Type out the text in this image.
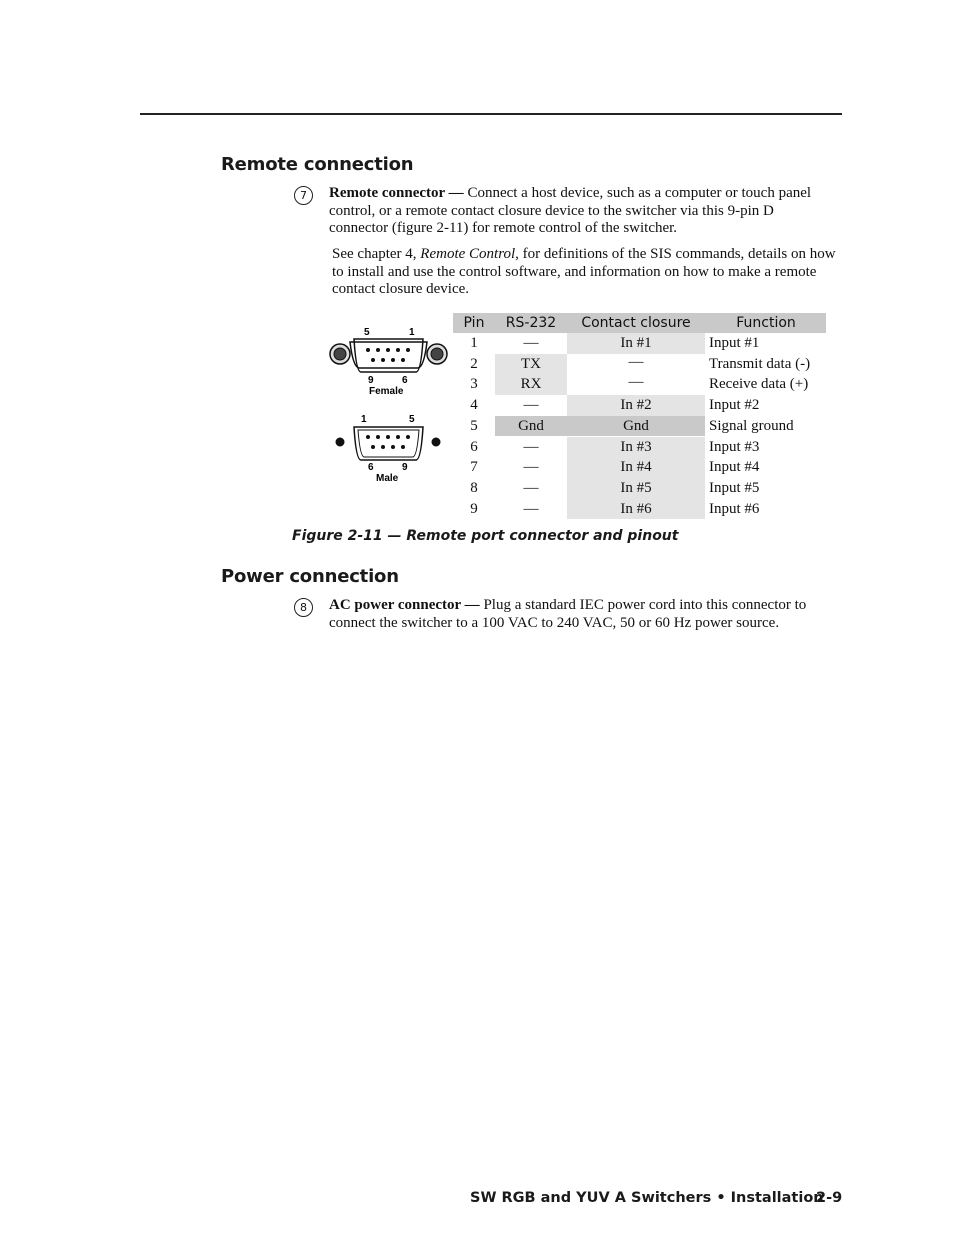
Remote connection
7	Remote connector — Connect a host device, such as a computer or touch panel control, or a remote contact closure device to the switcher via this 9-pin D connector (figure 2-11) for remote control of the switcher.
See chapter 4, Remote Control, for definitions of the SIS commands, details on how to install and use the control software, and information on how to make a remote contact closure device.
5	1
9	6
Female
1	5
6	9
Male
Pin	RS-232	Contact closure	Function
1	—	In #1	Input #1
2	TX	—	Transmit data (-)
3	RX	—	Receive data (+)
4	—	In #2	Input #2
5	Gnd	Gnd	Signal ground
6	—	In #3	Input #3
7	—	In #4	Input #4
8	—	In #5	Input #5
9	—	In #6	Input #6
Figure 2-11 — Remote port connector and pinout
Power connection
8	AC power connector — Plug a standard IEC power cord into this connector to connect the switcher to a 100 VAC to 240 VAC, 50 or 60 Hz power source.
SW RGB and YUV A Switchers • Installation
2-9
